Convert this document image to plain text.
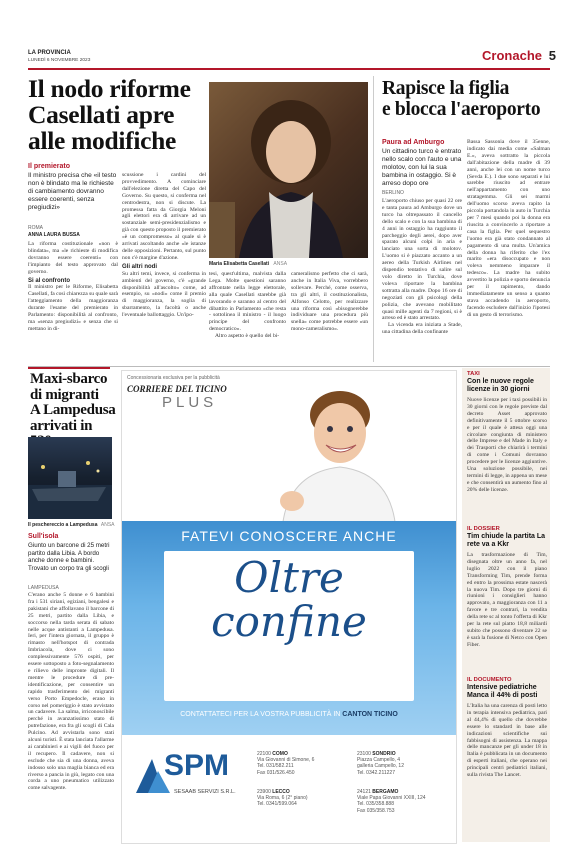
LA PROVINCIA
LUNEDÌ 6 NOVEMBRE 2023	Cronache 5
Il nodo riforme
Casellati apre
alle modifiche
Il premierato
Il ministro precisa che «il testo non è blindato ma le richieste di cambiamento dovranno essere coerenti, senza pregiudizi»
ROMA
ANNA LAURA BUSSA

La riforma costituzionale «non è blindata», ma «le richieste di modifica dovranno essere coerenti» con l'impianto del testo approvato dal governo.

Si al confronto

Il ministro per le Riforme, Elisabetta Casellati, fa così chiarezza su quale sarà l'atteggiamento della maggioranza durante l'esame del premierato in Parlamento: disponibilità al confronto, ma «senza pregiudizi» e senza che si mettano in di-

scussione i cardini del provvedimento. A cominciare dall'elezione diretta del Capo del Governo. Su questo, si conferma nel centrodestra, non si discute. La promessa fatta da Giorgia Meloni agli elettori era di arrivare ad un sostanziale semi-presidenzialismo e già con questo proposto il premierato «è un compromesso» al quale si è arrivati ascoltando anche «le istanze delle opposizioni. Pertanto, sul punto non c'è margine d'azione.

Gli altri nodi

Su altri temi, invece, si conferma in ambienti del governo, c'è «grande disponibilità all'ascolto» come, ad esempio, su «nodi» come il premio di maggioranza, la soglia di sbarramento, la facoltà o anche l'eventuale ballottaggio. Un'ipo-

Maria Elisabetta Casellati ANSA

tesi, quest'ultima, malvista dalla Lega. Molte questioni saranno affrontate nella legge elettorale, alla quale Casellati starebbe già lavorando e saranno al centro del dibattito in Parlamento «che resta - sottolinea il ministro - il luogo principe del confronto democratico».

Altro aspetto è quello del bi-

cameralismo perfetto che ci sarà, anche in Italia Viva, vorrebbero sollevare. Perché, come osserva, tra gli altri, il costituzionalista, Alfonso Celotto, per realizzare una riforma così «bisognerebbe individuare una procedura più snella» come potrebbe essere «un mono-cameralismo».

Rapisce la figlia
e blocca l'aeroporto
Paura ad Amburgo
Un cittadino turco è entrato nello scalo con l'auto e una molotov, con lui la sua bambina in ostaggio. Si è arreso dopo ore
BERLINO

L'aeroporto chiuso per quasi 22 ore e tanta paura ad Amburgo dove un turco ha oltrepassato il cancello dello scalo e con la sua bambina di 4 anni in ostaggio ha raggiunto il parcheggio degli aerei, dopo aver sparato alcuni colpi in aria e lanciato una sorta di molotov. L'uomo si è piazzato accanto a un aereo della Turkish Airlines nel dispendio tentativo di salire sul volo diretto in Turchia, dove voleva riportare la bambina sottratta alla madre. Dopo 16 ore di negoziati con gli psicologi della polizia, che avevano mobilitato quasi mille agenti da 7 regioni, si è arreso ed è stato arrestato.

La vicenda era iniziata a Stade, una cittadina della confinante

Bassa Sassonia dove il 35enne, indicato dai media come «Salman E.», aveva sottratto la piccola dall'abitazione della madre di 39 anni, anche lei con un nome turco (Sevda E.). I due sono separati e lui sarebbe riuscito ad entrare nell'appartamento con uno stratagemma. Gli sei marmi dell'uomo scorso aveva rapito la piccola portandola in auto in Turchia per 7 mesi quando poi la donna era riuscita a convincerlo a riportare a casa la figlia. Per quel sequestro l'uomo era già stato condannato al pagamento di una multa. Un'amica della donna ha riferito che l'ex marito «era disoccupato e non voleva nemmeno imparare il tedesco». La madre ha subito avvertito la polizia e sporto denuncia per il rapimento, dando immediatamente un senso a quanto stava accadendo in aeroporto, facendo escludere dall'inizio l'ipotesi di un gesto di terrorismo.

Maxi-sbarco
di migranti
A Lampedusa
arrivati in
Il peschereccio a Lampedusa ANSA
Sull'isola
Giunto un barcone di 25 metri partito dalla Libia. A bordo anche donne e bambini. Trovato un corpo tra gli scogli
LAMPEDUSA

C'erano anche 5 donne e 6 bambini fra i 531 siriani, egiziani, bengalesi e pakistani che affollavano il barcone di 25 metri, partito dalla Libia, e soccorso nella tarda serata di sabato nelle acque antistanti a Lampedusa. Ieri, per l'intera giornata, il gruppo è rimasto nell'hotspot di contrada Imbriacola, dove ci sono complessivamente 576 ospiti, per essere sottoposto a foto-segnalamento e rilievo delle impronte digitali. Il mentre le procedure di pre-identificazione, per consentire un rapido trasferimento dei migranti verso Porto Empedocle, erano in corso nel pomeriggio è stato avvistato un cadavere. La salma, irriconoscibile perché in avanzatissimo stato di putrefazione, era fra gli scogli di Cala Pulcino. Ad avvistarla sono stati alcuni turisti. È stata lanciata l'allarme ai carabinieri e ai vigili del fuoco per il recupero. Il cadavere, non si esclude che sia di una donna, aveva indosso solo una maglia bianca ed era riverso a pancia in giù, legato con una corda a uno pneumatico utilizzato come salvagente.

Concessionaria esclusiva per la pubblicità
CORRIERE DEL TICINO
PLUS
FATEVI CONOSCERE ANCHE
Oltre
confine
CONTATTATECI PER LA VOSTRA PUBBLICITÀ IN CANTON TICINO
SPM
SESAAB SERVIZI S.R.L.
22100 COMO
Via Giovanni di Simone, 6
Tel. 031/582.211
Fax 031/526.450
23100 SONDRIO
Piazza Campello, 4
galleria Campello, 12
Tel. 0342.211227
23900 LECCO
Via Roma, 6 (2° piano)
Tel. 0341/599.064
24121 BERGAMO
Viale Papa Giovanni XXIII, 124
Tel. 035/358.888
Fax 035/358.753
TAXI
Con le nuove regole licenze in 30 giorni
Nuove licenze per i taxi possibili in 30 giorni con le regole previste dal decreto Asset approvato definitivamente il 5 ottobre scorso e per il quale è attesa oggi una circolare congiunta di ministero delle Imprese e del Made in Italy e dei Trasporti che chiarirà i termini di come i Comuni dovranno procedere per le licenze aggiuntive. Una soluzione possibile, nei termini di legge, in appena un mese e che consentirà un aumento fino al 20% delle licenze.
IL DOSSIER
Tim chiude la partita La rete va a Kkr
La trasformazione di Tim, disegnata oltre un anno fa, nel luglio 2022 con il piano Transforming Tim, prende forma ed entro la prossima estate nascerà la nuova Tim. Dopo tre giorni di riunioni i consiglieri hanno approvato, a maggioranza con 11 a favore e tre contrari, la vendita della rete sc al tonto l'offerta di Kkr per la rete sul piatto 18,8 miliardi subito che possono diventare 22 se è sarà la fusione di Netco con Open Fiber.
IL DOCUMENTO
Intensive pediatriche Manca il 44% di posti
L'Italia ha una carenza di posti letto in terapia intensiva pediatrica, pari al 44,4% di quello che dovrebbe essere lo standard in base alle indicazioni scientifiche sui fabbisogni di assistenza. La mappa delle mancanze per gli under 18 in Italia è pubblicata in un documento di esperti italiani, che operano nei principali centri pediatrici italiani, sulla rivista The Lancet.
